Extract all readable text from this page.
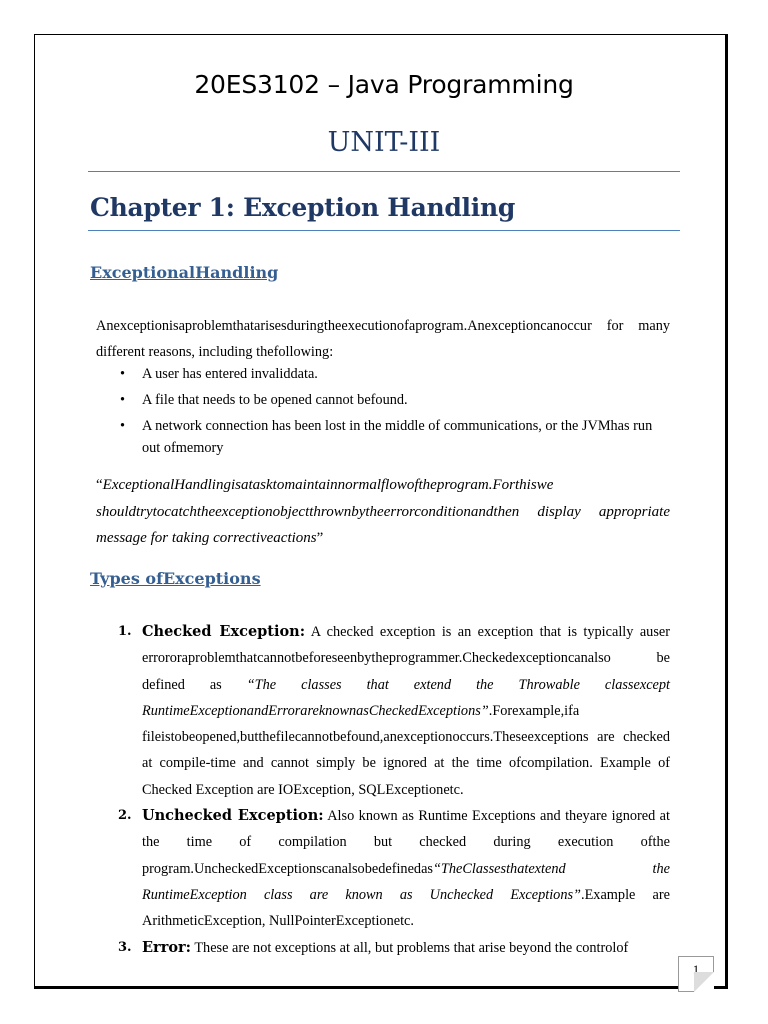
20ES3102 – Java Programming
UNIT-III
Chapter 1: Exception Handling
ExceptionalHandling
Anexceptionisaproblemthatarisesduringtheexecutionofaprogram.Anexceptioncanoccur for many different reasons, including thefollowing:
• A user has entered invaliddata.
• A file that needs to be opened cannot befound.
• A network connection has been lost in the middle of communications, or the JVMhas run out ofmemory
“ExceptionalHandlingisatasktomaintainnormalflowoftheprogram.Forthiswe shouldtrytocatchtheexceptionobjectthrownbytheerrorconditionandthen display appropriate message for taking correctiveactions”
Types ofExceptions
1. Checked Exception: A checked exception is an exception that is typically auser errororaproblemthatcannotbeforeseenbytheprogrammer.Checkedexceptioncanalso be defined as “The classes that extend the Throwable classexcept RuntimeExceptionandErrorareknownasCheckedExceptions”.Forexample,ifa fileistobeopened,butthefilecannotbefound,anexceptionoccurs.Theseexceptions are checked at compile-time and cannot simply be ignored at the time ofcompilation. Example of Checked Exception are IOException, SQLExceptionetc.
2. Unchecked Exception: Also known as Runtime Exceptions and theyare ignored at the time of compilation but checked during execution ofthe program.UncheckedExceptionscanalsobedefinedas“TheClassesthatextend the RuntimeException class are known as Unchecked Exceptions”.Example are ArithmeticException, NullPointerExceptionetc.
3. Error: These are not exceptions at all, but problems that arise beyond the controlof
1
